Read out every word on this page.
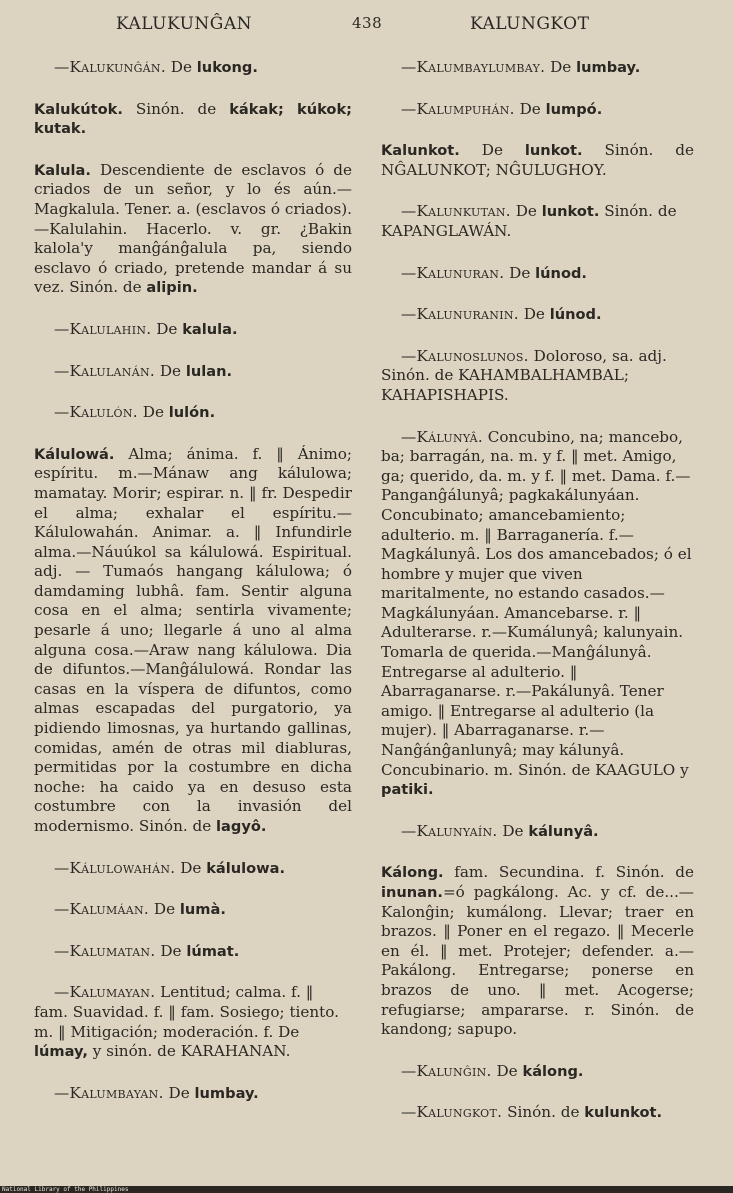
KALUKUNĜAN	438	KALUNGKOT

—Kalukunĝán. De lukong.

Kalukútok. Sinón. de kákak; kúkok; kutak.

Kalula. Descendiente de esclavos ó de criados de un señor, y lo és aún.—Magkalula. Tener. a. (esclavos ó criados).—Kalulahin. Hacerlo. v. gr. ¿Bakin kalola'y manĝánĝalula pa, siendo esclavo ó criado, pretende mandar á su vez. Sinón. de alipin.

—Kalulahin. De kalula.

—Kalulanán. De lulan.

—Kalulón. De lulón.

Kálulowá. Alma; ánima. f. ‖ Ánimo; espíritu. m.—Mánaw ang kálulowa; mamatay. Morir; espirar. n. ‖ fr. Despedir el alma; exhalar el espíritu.—Kálulowahán. Animar. a. ‖ Infundirle alma.—Náuúkol sa kálulowá. Espiritual. adj. — Tumaós hangang kálulowa; ó damdaming lubhâ. fam. Sentir alguna cosa en el alma; sentirla vivamente; pesarle á uno; llegarle á uno al alma alguna cosa.—Araw nang kálulowa. Dia de difuntos.—Manĝálulowá. Rondar las casas en la víspera de difuntos, como almas escapadas del purgatorio, ya pidiendo limosnas, ya hurtando gallinas, comidas, amén de otras mil diabluras, permitidas por la costumbre en dicha noche: ha caido ya en desuso esta costumbre con la invasión del modernismo. Sinón. de lagyô.

—Kálulowahán. De kálulowa.

—Kalumáan. De lumà.

—Kalumatan. De lúmat.

—Kalumayan. Lentitud; calma. f. ‖ fam. Suavidad. f. ‖ fam. Sosiego; tiento. m. ‖ Mitigación; moderación. f. De lúmay, y sinón. de KARAHANAN.

—Kalumbayan. De lumbay.

—Kalumbaylumbay. De lumbay.

—Kalumpuhán. De lumpó.

Kalunkot. De lunkot. Sinón. de NĜALUNKOT; NĜULUGHOY.

—Kalunkutan. De lunkot. Sinón. de KAPANGLAWÁN.

—Kalunuran. De lúnod.

—Kalunuranin. De lúnod.

—Kalunoslunos. Doloroso, sa. adj. Sinón. de KAHAMBALHAMBAL; KAHAPISHAPIS.

—Kálunyâ. Concubino, na; mancebo, ba; barragán, na. m. y f. ‖ met. Amigo, ga; querido, da. m. y f. ‖ met. Dama. f.—Panganĝálunyâ; pagkakálunyáan. Concubinato; amancebamiento; adulterio. m. ‖ Barraganería. f.—Magkálunyâ. Los dos amancebados; ó el hombre y mujer que viven maritalmente, no estando casados.—Magkálunyáan. Amancebarse. r. ‖ Adulterarse. r.—Kumálunyâ; kalunyain. Tomarla de querida.—Manĝálunyâ. Entregarse al adulterio. ‖ Abarraganarse. r.—Pakálunyâ. Tener amigo. ‖ Entregarse al adulterio (la mujer). ‖ Abarraganarse. r.—Nanĝánĝanlunyâ; may kálunyâ. Concubinario. m. Sinón. de KAAGULO y patiki.

—Kalunyaín. De kálunyâ.

Kálong. fam. Secundina. f. Sinón. de inunan.=ó pagkálong. Ac. y cf. de...—Kalonĝin; kumálong. Llevar; traer en brazos. ‖ Poner en el regazo. ‖ Mecerle en él. ‖ met. Protejer; defender. a.—Pakálong. Entregarse; ponerse en brazos de uno. ‖ met. Acogerse; refugiarse; ampararse. r. Sinón. de kandong; sapupo.

—Kalunĝin. De kálong.

—Kalungkot. Sinón. de kulunkot.

National Library of the Philippines
